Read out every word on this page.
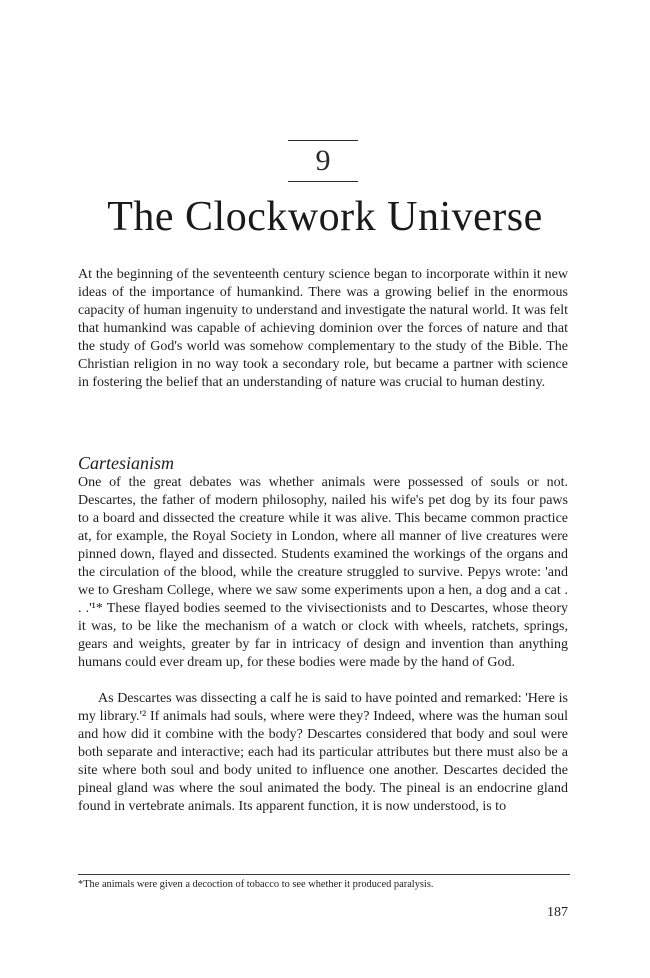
9
The Clockwork Universe

At the beginning of the seventeenth century science began to incorporate within it new ideas of the importance of humankind. There was a growing belief in the enormous capacity of human ingenuity to understand and investigate the natural world. It was felt that humankind was capable of achieving dominion over the forces of nature and that the study of God's world was somehow complementary to the study of the Bible. The Christian religion in no way took a secondary role, but became a partner with science in fostering the belief that an understanding of nature was crucial to human destiny.

Cartesianism

One of the great debates was whether animals were possessed of souls or not. Descartes, the father of modern philosophy, nailed his wife's pet dog by its four paws to a board and dissected the creature while it was alive. This became common practice at, for example, the Royal Society in London, where all manner of live creatures were pinned down, flayed and dissected. Students examined the workings of the organs and the circulation of the blood, while the creature struggled to survive. Pepys wrote: 'and we to Gresham College, where we saw some experiments upon a hen, a dog and a cat . . .'¹* These flayed bodies seemed to the vivisectionists and to Descartes, whose theory it was, to be like the mechanism of a watch or clock with wheels, ratchets, springs, gears and weights, greater by far in intricacy of design and invention than anything humans could ever dream up, for these bodies were made by the hand of God.

As Descartes was dissecting a calf he is said to have pointed and remarked: 'Here is my library.'² If animals had souls, where were they? Indeed, where was the human soul and how did it combine with the body? Descartes considered that body and soul were both separate and interactive; each had its particular attributes but there must also be a site where both soul and body united to influence one another. Descartes decided the pineal gland was where the soul animated the body. The pineal is an endocrine gland found in vertebrate animals. Its apparent function, it is now understood, is to

*The animals were given a decoction of tobacco to see whether it produced paralysis.

187
